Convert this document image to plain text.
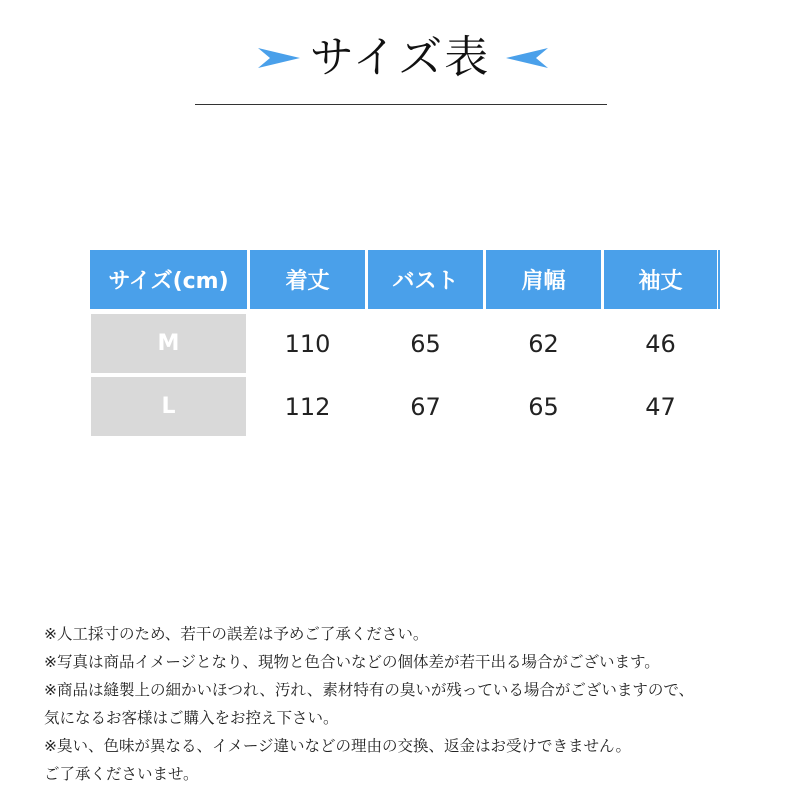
サイズ表
サイズ(cm)	着丈	バスト	肩幅	袖丈
M	110	65	62	46
L	112	67	65	47
※人工採寸のため、若干の誤差は予めご了承ください。
※写真は商品イメージとなり、現物と色合いなどの個体差が若干出る場合がございます。
※商品は縫製上の細かいほつれ、汚れ、素材特有の臭いが残っている場合がございますので、
気になるお客様はご購入をお控え下さい。
※臭い、色味が異なる、イメージ違いなどの理由の交換、返金はお受けできません。
ご了承くださいませ。
